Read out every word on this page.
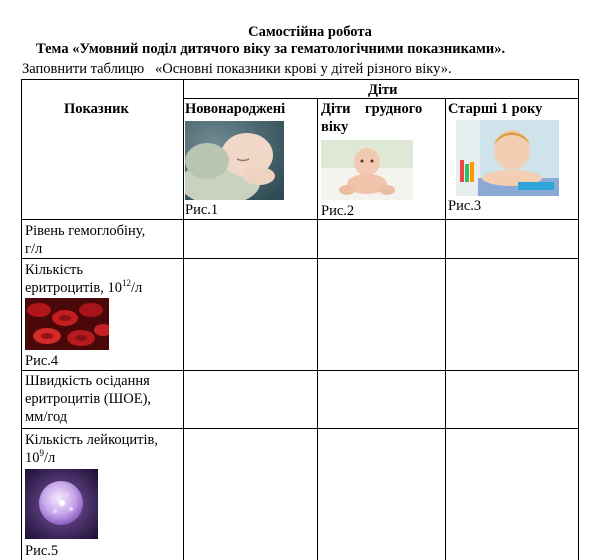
Самостійна робота
Тема «Умовний поділ дитячого віку за гематологічними показниками».
Заповнити таблицю   «Основні показники крові у дітей різного віку».
Показник
Діти
Новонароджені Діти    грудного
віку
Старші 1 року
Рис.1	Рис.2	Рис.3
Рівень гемоглобіну,
г/л
Кількість
еритроцитів, $10^{12}/л$
Рис.4
Швидкість осідання
еритроцитів (ШОЕ),
мм/год
Кількість лейкоцитів,
$10^9/л$
Рис.5
